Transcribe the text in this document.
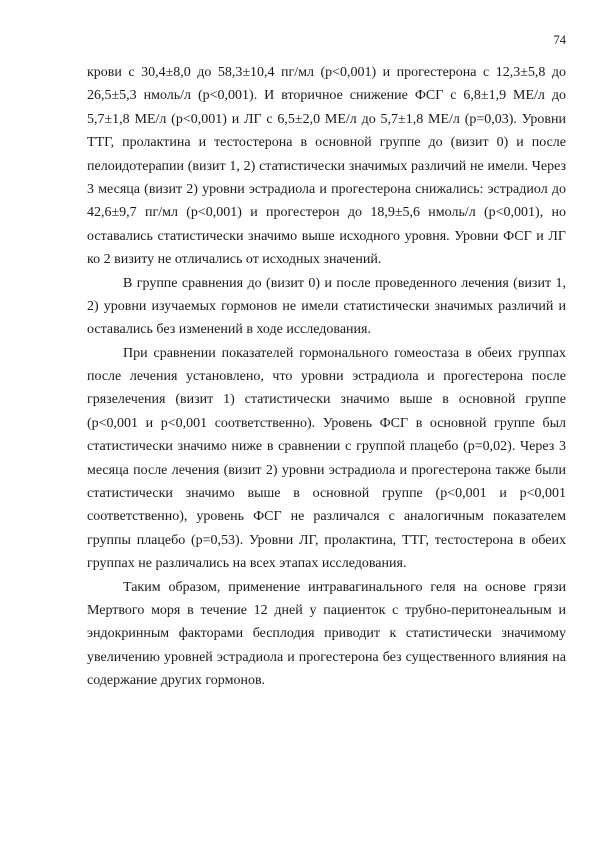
74
крови с 30,4±8,0 до 58,3±10,4 пг/мл (р<0,001) и прогестерона с 12,3±5,8 до
26,5±5,3 нмоль/л (р<0,001). И вторичное снижение ФСГ с 6,8±1,9 МЕ/л до
5,7±1,8 МЕ/л (р<0,001) и ЛГ с 6,5±2,0 МЕ/л до 5,7±1,8 МЕ/л (р=0,03). Уровни
ТТГ, пролактина и тестостерона в основной группе до (визит 0) и после
пелоидотерапии (визит 1, 2) статистически значимых различий не имели. Через
3 месяца (визит 2) уровни эстрадиола и прогестерона снижались: эстрадиол до
42,6±9,7 пг/мл (р<0,001) и прогестерон до 18,9±5,6 нмоль/л (р<0,001), но
оставались статистически значимо выше исходного уровня. Уровни ФСГ и ЛГ
ко 2 визиту не отличались от исходных значений.
В группе сравнения до (визит 0) и после проведенного лечения (визит 1,
2) уровни изучаемых гормонов не имели статистически значимых различий и
оставались без изменений в ходе исследования.
При сравнении показателей гормонального гомеостаза в обеих группах
после лечения установлено, что уровни эстрадиола и прогестерона после
грязелечения (визит 1) статистически значимо выше в основной группе
(р<0,001 и р<0,001 соответственно). Уровень ФСГ в основной группе был
статистически значимо ниже в сравнении с группой плацебо (р=0,02). Через 3
месяца после лечения (визит 2) уровни эстрадиола и прогестерона также были
статистически значимо выше в основной группе (р<0,001 и р<0,001
соответственно), уровень ФСГ не различался с аналогичным показателем
группы плацебо (р=0,53). Уровни ЛГ, пролактина, ТТГ, тестостерона в обеих
группах не различались на всех этапах исследования.
Таким образом, применение интравагинального геля на основе грязи
Мертвого моря в течение 12 дней у пациенток с трубно-перитонеальным и
эндокринным факторами бесплодия приводит к статистически значимому
увеличению уровней эстрадиола и прогестерона без существенного влияния на
содержание других гормонов.
